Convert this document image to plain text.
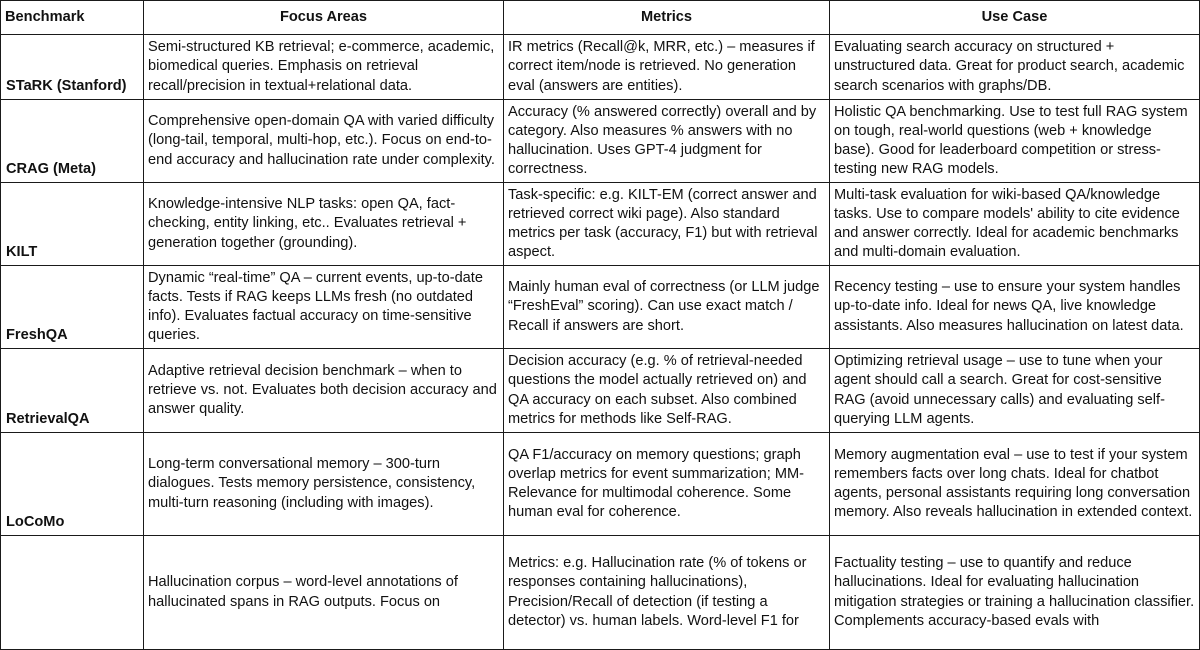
Benchmark	Focus Areas	Metrics	Use Case
STaRK (Stanford)	Semi-structured KB retrieval; e-commerce, academic, biomedical queries. Emphasis on retrieval recall/precision in textual+relational data.	IR metrics (Recall@k, MRR, etc.) – measures if correct item/node is retrieved. No generation eval (answers are entities).	Evaluating search accuracy on structured + unstructured data. Great for product search, academic search scenarios with graphs/DB.
CRAG (Meta)	Comprehensive open-domain QA with varied difficulty (long-tail, temporal, multi-hop, etc.). Focus on end-to-end accuracy and hallucination rate under complexity.	Accuracy (% answered correctly) overall and by category. Also measures % answers with no hallucination. Uses GPT-4 judgment for correctness.	Holistic QA benchmarking. Use to test full RAG system on tough, real-world questions (web + knowledge base). Good for leaderboard competition or stress-testing new RAG models.
KILT	Knowledge-intensive NLP tasks: open QA, fact-checking, entity linking, etc.. Evaluates retrieval + generation together (grounding).	Task-specific: e.g. KILT-EM (correct answer and retrieved correct wiki page). Also standard metrics per task (accuracy, F1) but with retrieval aspect.	Multi-task evaluation for wiki-based QA/knowledge tasks. Use to compare models' ability to cite evidence and answer correctly. Ideal for academic benchmarks and multi-domain evaluation.
FreshQA	Dynamic “real-time” QA – current events, up-to-date facts. Tests if RAG keeps LLMs fresh (no outdated info). Evaluates factual accuracy on time-sensitive queries.	Mainly human eval of correctness (or LLM judge “FreshEval” scoring). Can use exact match / Recall if answers are short.	Recency testing – use to ensure your system handles up-to-date info. Ideal for news QA, live knowledge assistants. Also measures hallucination on latest data.
RetrievalQA	Adaptive retrieval decision benchmark – when to retrieve vs. not. Evaluates both decision accuracy and answer quality.	Decision accuracy (e.g. % of retrieval-needed questions the model actually retrieved on) and QA accuracy on each subset. Also combined metrics for methods like Self-RAG.	Optimizing retrieval usage – use to tune when your agent should call a search. Great for cost-sensitive RAG (avoid unnecessary calls) and evaluating self-querying LLM agents.
LoCoMo	Long-term conversational memory – 300-turn dialogues. Tests memory persistence, consistency, multi-turn reasoning (including with images).	QA F1/accuracy on memory questions; graph overlap metrics for event summarization; MM-Relevance for multimodal coherence. Some human eval for coherence.	Memory augmentation eval – use to test if your system remembers facts over long chats. Ideal for chatbot agents, personal assistants requiring long conversation memory. Also reveals hallucination in extended context.
	Hallucination corpus – word-level annotations of hallucinated spans in RAG outputs. Focus on	Metrics: e.g. Hallucination rate (% of tokens or responses containing hallucinations), Precision/Recall of detection (if testing a detector) vs. human labels. Word-level F1 for	Factuality testing – use to quantify and reduce hallucinations. Ideal for evaluating hallucination mitigation strategies or training a hallucination classifier. Complements accuracy-based evals with
